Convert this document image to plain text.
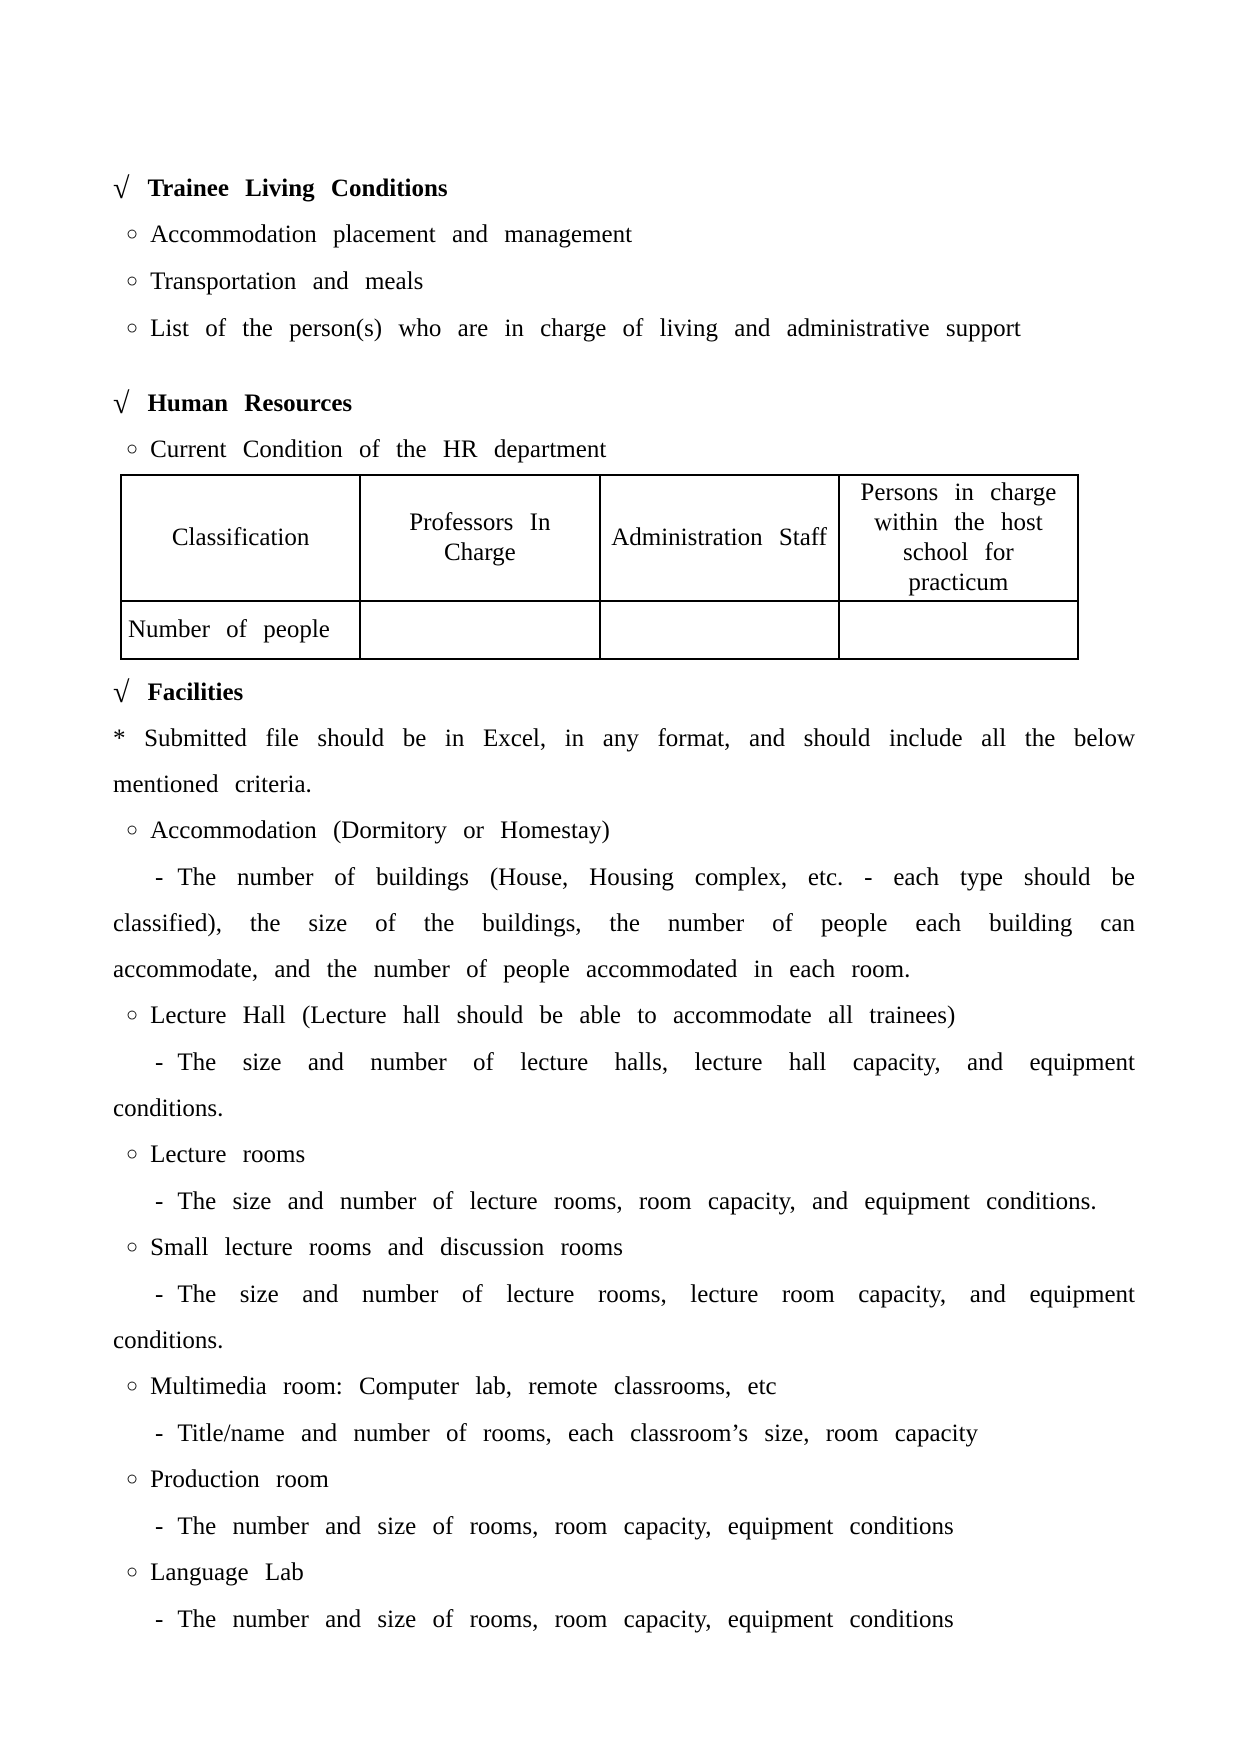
√ Trainee Living Conditions

○ Accommodation placement and management

○ Transportation and meals

○ List of the person(s) who are in charge of living and administrative support

√ Human Resources

○ Current Condition of the HR department

Classification	Professors In Charge	Administration Staff	Persons in charge within the host school for practicum
Number of people			
√ Facilities

* Submitted file should be in Excel, in any format, and should include all the below mentioned criteria.

○ Accommodation (Dormitory or Homestay)

- The number of buildings (House, Housing complex, etc. - each type should be classified), the size of the buildings, the number of people each building can accommodate, and the number of people accommodated in each room.

○ Lecture Hall (Lecture hall should be able to accommodate all trainees)

- The size and number of lecture halls, lecture hall capacity, and equipment conditions.

○ Lecture rooms

- The size and number of lecture rooms, room capacity, and equipment conditions.

○ Small lecture rooms and discussion rooms

- The size and number of lecture rooms, lecture room capacity, and equipment conditions.

○ Multimedia room: Computer lab, remote classrooms, etc

- Title/name and number of rooms, each classroom’s size, room capacity

○ Production room

- The number and size of rooms, room capacity, equipment conditions

○ Language Lab

- The number and size of rooms, room capacity, equipment conditions
